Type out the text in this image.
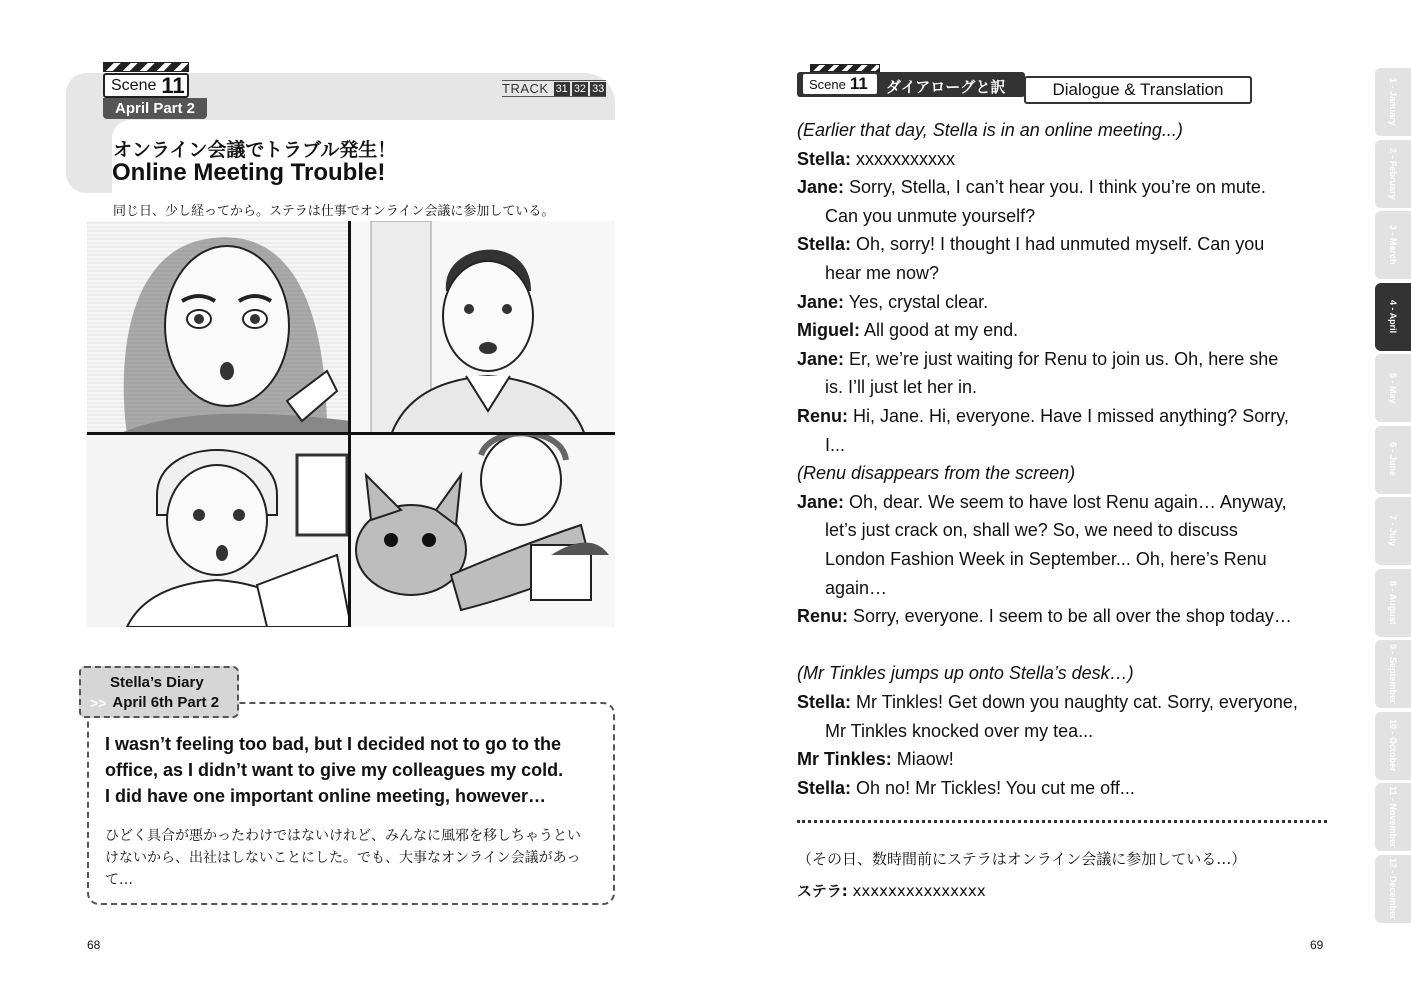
Scene 11
April Part 2
TRACK 31 32 33
オンライン会議でトラブル発生！
Online Meeting Trouble!
同じ日、少し経ってから。ステラは仕事でオンライン会議に参加している。
Stella’s Diary
>> April 6th Part 2
I wasn’t feeling too bad, but I decided not to go to the
office, as I didn’t want to give my colleagues my cold.
I did have one important online meeting, however…
ひどく具合が悪かったわけではないけれど、みんなに風邪を移しちゃうとい
けないから、出社はしないことにした。でも、大事なオンライン会議があっ
て…
68
Scene 11 ダイアローグと訳	Dialogue & Translation
(Earlier that day, Stella is in an online meeting...)
Stella: xxxxxxxxxxx
Jane: Sorry, Stella, I can’t hear you. I think you’re on mute.
Can you unmute yourself?
Stella: Oh, sorry! I thought I had unmuted myself. Can you
hear me now?
Jane: Yes, crystal clear.
Miguel: All good at my end.
Jane: Er, we’re just waiting for Renu to join us. Oh, here she
is. I’ll just let her in.
Renu: Hi, Jane. Hi, everyone. Have I missed anything? Sorry,
I...
(Renu disappears from the screen)
Jane: Oh, dear. We seem to have lost Renu again… Anyway,
let’s just crack on, shall we? So, we need to discuss
London Fashion Week in September... Oh, here’s Renu
again…
Renu: Sorry, everyone. I seem to be all over the shop today…
(Mr Tinkles jumps up onto Stella’s desk…)
Stella: Mr Tinkles! Get down you naughty cat. Sorry, everyone,
Mr Tinkles knocked over my tea...
Mr Tinkles: Miaow!
Stella: Oh no! Mr Tickles! You cut me off...
（その日、数時間前にステラはオンライン会議に参加している…）
ステラ: xxxxxxxxxxxxxxx
69
1 - January
2 - February
3 - March
4 - April
5 - May
6 - June
7 - July
8 - August
9 - September
10 - October
11 - November
12 - December
